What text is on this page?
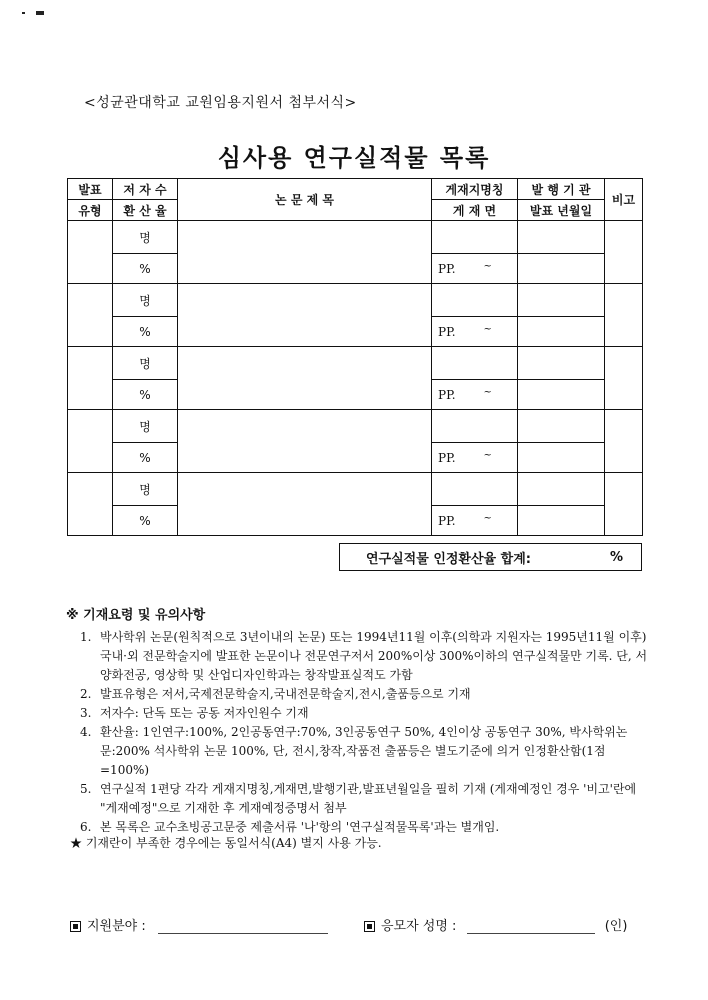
<성균관대학교 교원임용지원서 첨부서식>
심사용 연구실적물 목록
발표	저 자 수	논 문 제 목	게재지명칭	발 행 기 관	비고
유형	환 산 율		게 재 면	발표 년월일	
	명				
	%		PP. ~	
	명				
	%		PP. ~	
	명				
	%		PP. ~	
	명				
	%		PP. ~	
	명				
	%		PP. ~	
연구실적물 인정환산율 합계:	%
※ 기재요령 및 유의사항
1. 박사학위 논문(원칙적으로 3년이내의 논문) 또는 1994년11월 이후(의학과 지원자는 1995년11월 이후) 국내·외 전문학술지에 발표한 논문이나 전문연구저서 200%이상 300%이하의 연구실적물만 기록. 단, 서양화전공, 영상학 및 산업디자인학과는 창작발표실적도 가함
2. 발표유형은 저서,국제전문학술지,국내전문학술지,전시,출품등으로 기재
3. 저자수: 단독 또는 공동 저자인원수 기재
4. 환산율: 1인연구:100%, 2인공동연구:70%, 3인공동연구 50%, 4인이상 공동연구 30%, 박사학위논문:200% 석사학위 논문 100%, 단, 전시,창작,작품전 출품등은 별도기준에 의거 인정환산함(1점=100%)
5. 연구실적 1편당 각각 게재지명칭,게재면,발행기관,발표년월일을 필히 기재 (게재예정인 경우 '비고'란에 "게재예정"으로 기재한 후 게재예정증명서 첨부
6. 본 목록은 교수초빙공고문중 제출서류 '나'항의 '연구실적물목록'과는 별개임.
★ 기재란이 부족한 경우에는 동일서식(A4) 별지 사용 가능.
지원분야 :	응모자 성명 :	(인)
